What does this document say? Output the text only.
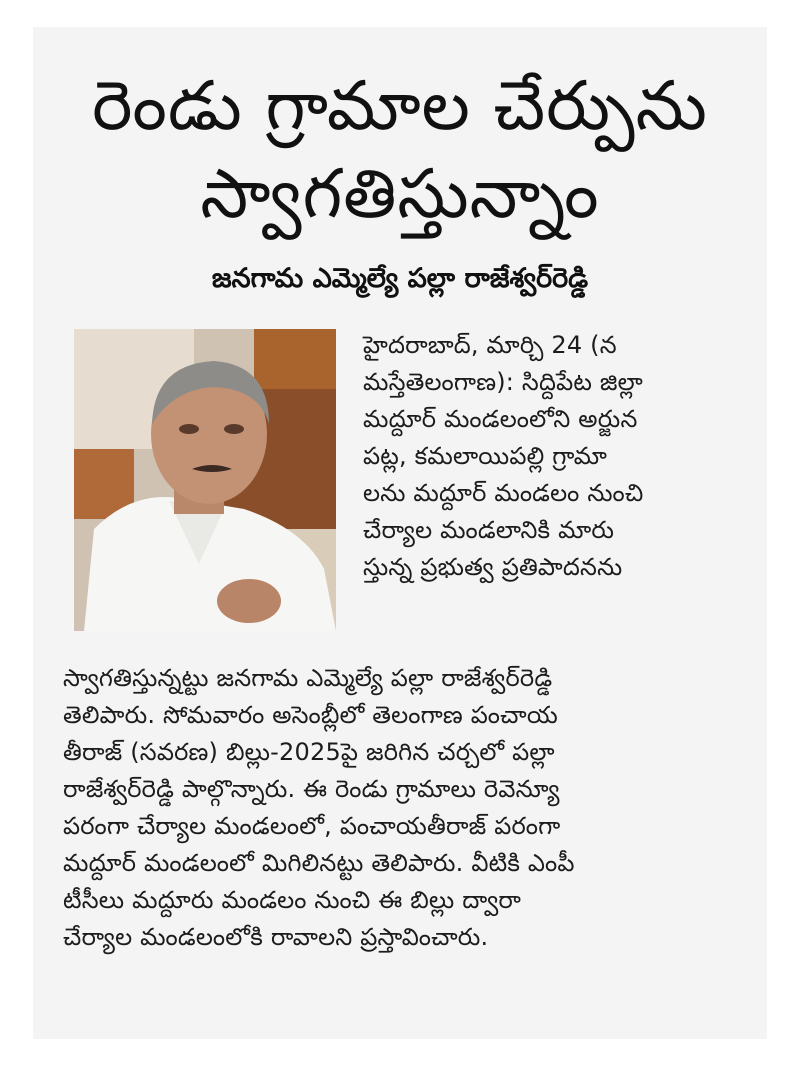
రెండు గ్రామాల చేర్పును
స్వాగతిస్తున్నాం
జనగామ ఎమ్మెల్యే పల్లా రాజేశ్వర్‌రెడ్డి

హైదరాబాద్, మార్చి 24 (న

మస్తేతెలంగాణ): సిద్దిపేట జిల్లా

మద్దూర్ మండలంలోని అర్జున

పట్ల, కమలాయిపల్లి గ్రామా

లను మద్దూర్ మండలం నుంచి

చేర్యాల మండలానికి మారు

స్తున్న ప్రభుత్వ ప్రతిపాదనను

స్వాగతిస్తున్నట్టు జనగామ ఎమ్మెల్యే పల్లా రాజేశ్వర్‌రెడ్డి

తెలిపారు. సోమవారం అసెంబ్లీలో తెలంగాణ పంచాయ

తీరాజ్ (సవరణ) బిల్లు-2025పై జరిగిన చర్చలో పల్లా

రాజేశ్వర్‌రెడ్డి పాల్గొన్నారు. ఈ రెండు గ్రామాలు రెవెన్యూ

పరంగా చేర్యాల మండలంలో, పంచాయతీరాజ్ పరంగా

మద్దూర్ మండలంలో మిగిలినట్టు తెలిపారు. వీటికి ఎంపీ

టీసీలు మద్దూరు మండలం నుంచి ఈ బిల్లు ద్వారా

చేర్యాల మండలంలోకి రావాలని ప్రస్తావించారు.
